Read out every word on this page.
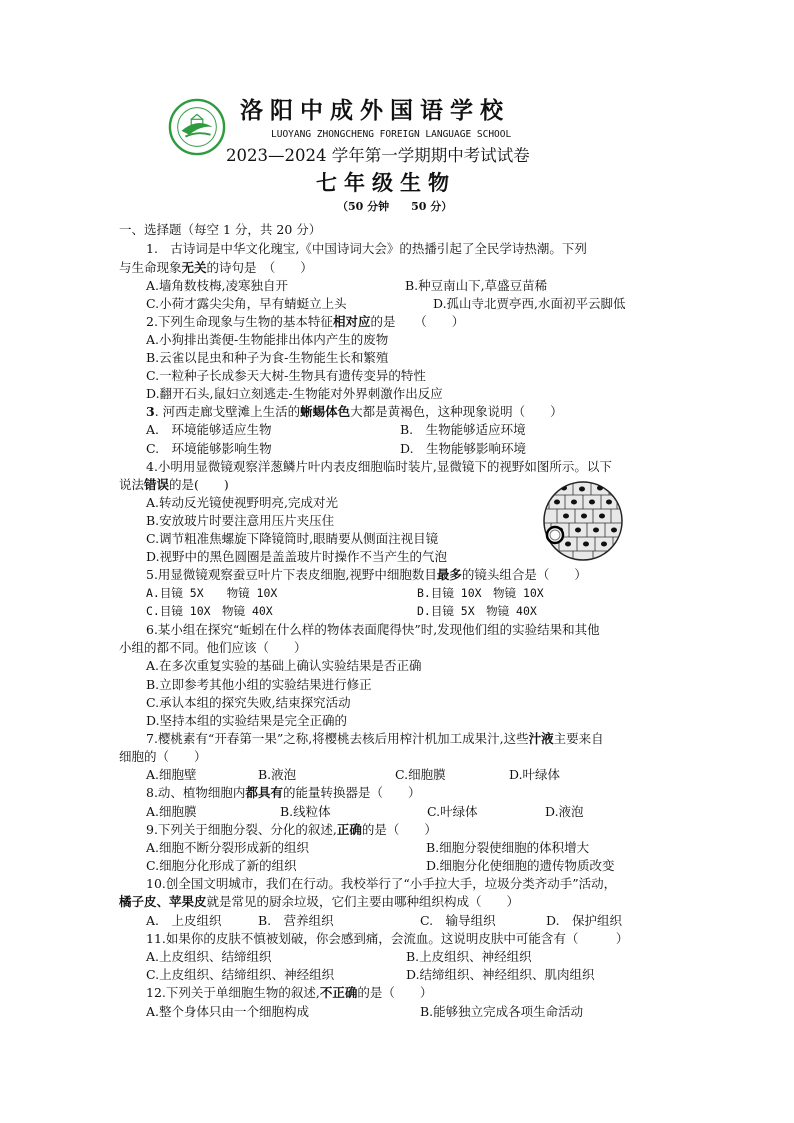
洛阳中成外国语学校
LUOYANG ZHONGCHENG FOREIGN LANGUAGE SCHOOL
2023—2024 学年第一学期期中考试试卷
七年级生物
（50 分钟　　50 分）
一、选择题（每空 1 分，共 20 分）
1.　古诗词是中华文化瑰宝,《中国诗词大会》的热播引起了全民学诗热潮。下列
与生命现象无关的诗句是　（　　）
A.墙角数枝梅,凌寒独自开	B.种豆南山下,草盛豆苗稀
C.小荷才露尖尖角，早有蜻蜓立上头	D.孤山寺北贾亭西,水面初平云脚低
2.下列生命现象与生物的基本特征相对应的是　　（　　）
A.小狗排出粪便-生物能排出体内产生的废物
B.云雀以昆虫和种子为食-生物能生长和繁殖
C.一粒种子长成参天大树-生物具有遗传变异的特性
D.翻开石头,鼠妇立刻逃走-生物能对外界刺激作出反应
3. 河西走廊戈壁滩上生活的蜥蜴体色大都是黄褐色，这种现象说明（　　）
A.　环境能够适应生物	B.　生物能够适应环境
C.　环境能够影响生物	D.　生物能够影响环境
4.小明用显微镜观察洋葱鳞片叶内表皮细胞临时装片,显微镜下的视野如图所示。以下
说法错误的是(　　)
A.转动反光镜使视野明亮,完成对光
B.安放玻片时要注意用压片夹压住
C.调节粗准焦螺旋下降镜筒时,眼睛要从侧面注视目镜
D.视野中的黑色圆圈是盖盖玻片时操作不当产生的气泡
5.用显微镜观察蚕豆叶片下表皮细胞,视野中细胞数目最多的镜头组合是（　　）
A.目镜 5X　　物镜 10X	B.目镜 10X　物镜 10X
C.目镜 10X　物镜 40X	D.目镜 5X　物镜 40X
6.某小组在探究“蚯蚓在什么样的物体表面爬得快”时,发现他们组的实验结果和其他
小组的都不同。他们应该（　　）
A.在多次重复实验的基础上确认实验结果是否正确
B.立即参考其他小组的实验结果进行修正
C.承认本组的探究失败,结束探究活动
D.坚持本组的实验结果是完全正确的
7.樱桃素有“开春第一果”之称,将樱桃去核后用榨汁机加工成果汁,这些汁液主要来自
细胞的（　　）
A.细胞壁	B.液泡	C.细胞膜	D.叶绿体
8.动、植物细胞内都具有的能量转换器是（　　）
A.细胞膜	B.线粒体	C.叶绿体	D.液泡
9.下列关于细胞分裂、分化的叙述,正确的是（　　）
A.细胞不断分裂形成新的组织	B.细胞分裂使细胞的体积增大
C.细胞分化形成了新的组织	D.细胞分化使细胞的遗传物质改变
10.创全国文明城市，我们在行动。我校举行了“小手拉大手，垃圾分类齐动手”活动，
橘子皮、苹果皮就是常见的厨余垃圾，它们主要由哪种组织构成（　　）
A.　上皮组织	B.　营养组织	C.　输导组织	D.　保护组织
11.如果你的皮肤不慎被划破，你会感到痛，会流血。这说明皮肤中可能含有（　　　）
A.上皮组织、结缔组织	B.上皮组织、神经组织
C.上皮组织、结缔组织、神经组织	D.结缔组织、神经组织、肌肉组织
12.下列关于单细胞生物的叙述,不正确的是（　　）
A.整个身体只由一个细胞构成	B.能够独立完成各项生命活动
